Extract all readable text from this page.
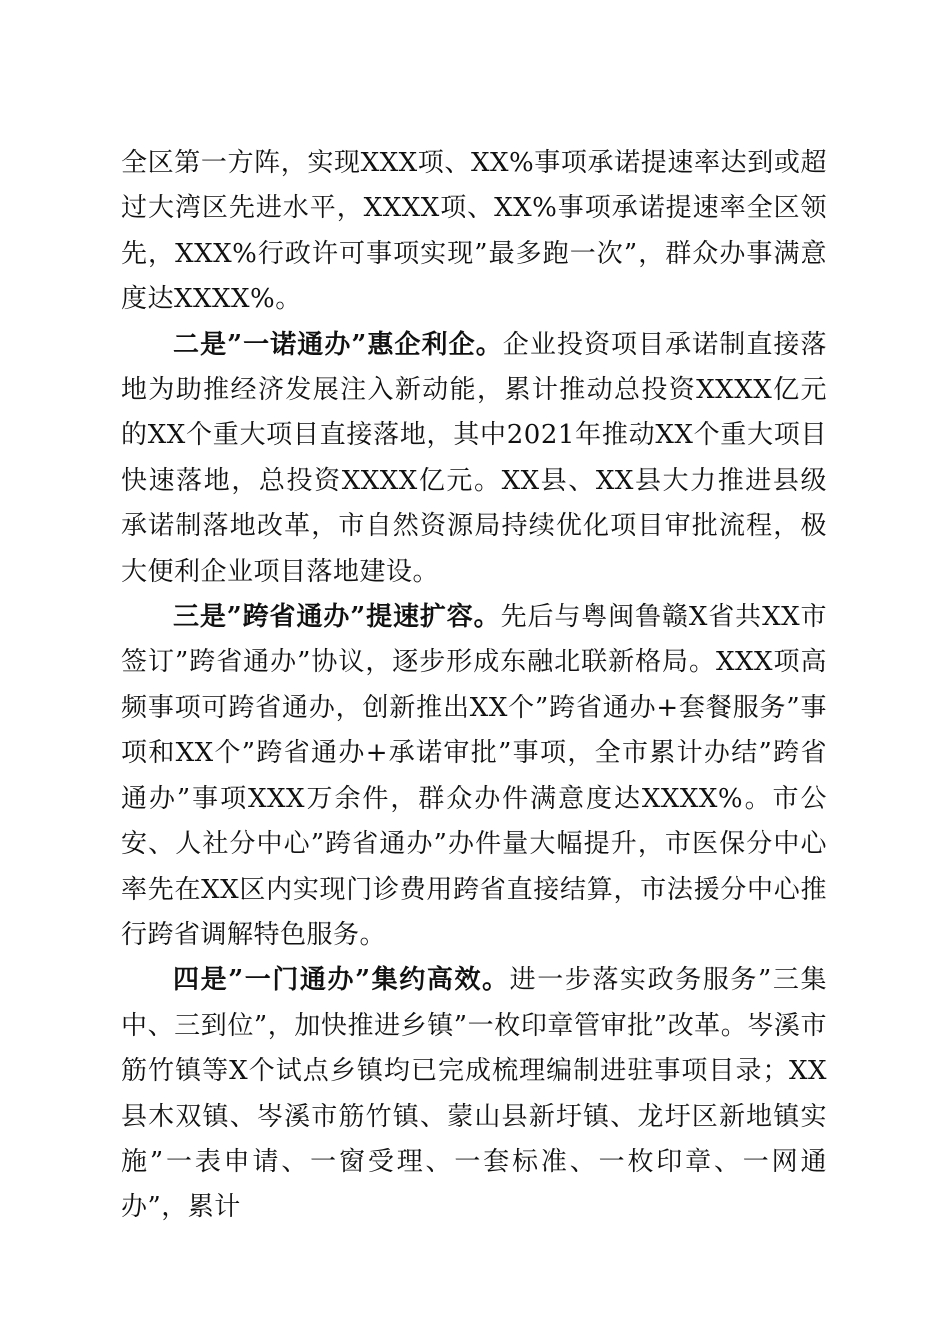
全区第一方阵，实现XXX项、XX%事项承诺提速率达到或超过大湾区先进水平，XXXX项、XX%事项承诺提速率全区领先，XXX%行政许可事项实现”最多跑一次”，群众办事满意度达XXXX%。

二是”一诺通办”惠企利企。企业投资项目承诺制直接落地为助推经济发展注入新动能，累计推动总投资XXXX亿元的XX个重大项目直接落地，其中2021年推动XX个重大项目快速落地，总投资XXXX亿元。XX县、XX县大力推进县级承诺制落地改革，市自然资源局持续优化项目审批流程，极大便利企业项目落地建设。

三是”跨省通办”提速扩容。先后与粤闽鲁赣X省共XX市签订”跨省通办”协议，逐步形成东融北联新格局。XXX项高频事项可跨省通办，创新推出XX个”跨省通办+套餐服务”事项和XX个”跨省通办+承诺审批”事项，全市累计办结”跨省通办”事项XXX万余件，群众办件满意度达XXXX%。市公安、人社分中心”跨省通办”办件量大幅提升，市医保分中心率先在XX区内实现门诊费用跨省直接结算，市法援分中心推行跨省调解特色服务。

四是”一门通办”集约高效。进一步落实政务服务”三集中、三到位”，加快推进乡镇”一枚印章管审批”改革。岑溪市筋竹镇等X个试点乡镇均已完成梳理编制进驻事项目录；XX县木双镇、岑溪市筋竹镇、蒙山县新圩镇、龙圩区新地镇实施”一表申请、一窗受理、一套标准、一枚印章、一网通办”，累计
